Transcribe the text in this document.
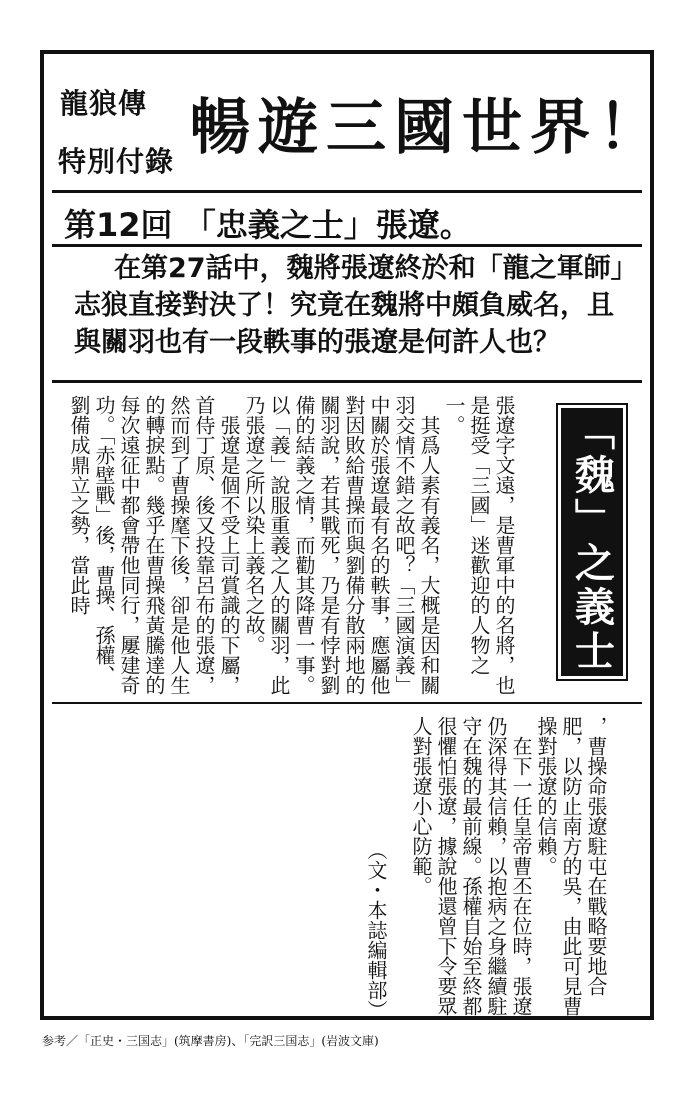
龍狼傳
特別付錄 暢遊三國世界！
第12回 「忠義之士」張遼。
在第27話中，魏將張遼終於和「龍之軍師」志狼直接對決了！究竟在魏將中頗負威名，且與關羽也有一段軼事的張遼是何許人也？
張遼字文遠，是曹軍中的名將，也是挺受「三國」迷歡迎的人物之一。
　其爲人素有義名，大概是因和關羽交情不錯之故吧？「三國演義」中關於張遼最有名的軼事，應屬他對因敗給曹操而與劉備分散兩地的關羽說，若其戰死，乃是有悖對劉備的結義之情，而勸其降曹一事。以「義」說服重義之人的關羽，此乃張遼之所以染上義名之故。
　張遼是個不受上司賞識的下屬，首侍丁原、後又投靠呂布的張遼，然而到了曹操麾下後，卻是他人生的轉捩點。幾乎在曹操飛黃騰達的每次遠征中都會帶他同行，屢建奇功。「赤壁戰」後，曹操、孫權、劉備成鼎立之勢，當此時	「魏」之義士
，曹操命張遼駐屯在戰略要地合肥，以防止南方的吳，由此可見曹操對張遼的信賴。
　在下一任皇帝曹丕在位時，張遼仍深得其信賴，以抱病之身繼續駐守在魏的最前線。孫權自始至終都很懼怕張遼，據說他還曾下令要眾人對張遼小心防範。
（文・本誌編輯部）
参考／「正史・三国志」(筑摩書房)、「完訳三国志」(岩波文庫)
